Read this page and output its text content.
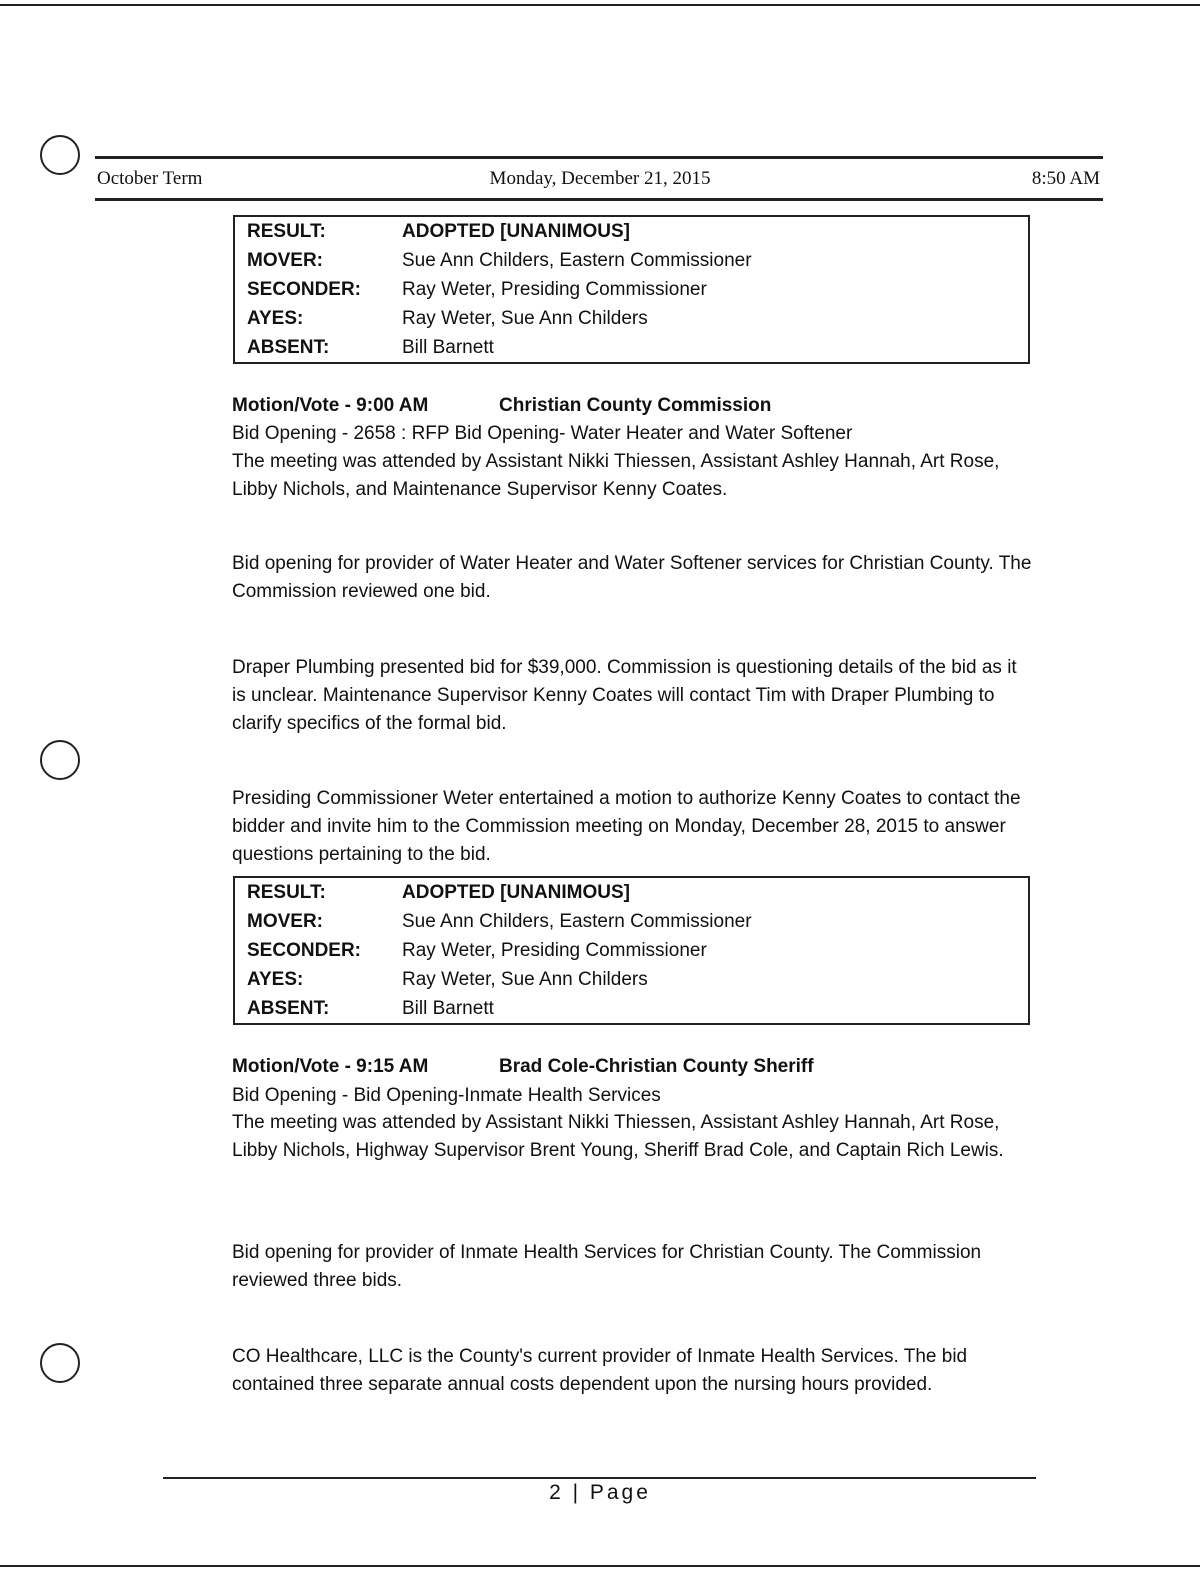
October Term	Monday, December 21, 2015	8:50 AM
RESULT:	ADOPTED [UNANIMOUS]
MOVER:	Sue Ann Childers, Eastern Commissioner
SECONDER:	Ray Weter, Presiding Commissioner
AYES:	Ray Weter, Sue Ann Childers
ABSENT:	Bill Barnett
Motion/Vote - 9:00 AM	Christian County Commission
Bid Opening - 2658 : RFP Bid Opening- Water Heater and Water Softener
The meeting was attended by Assistant Nikki Thiessen, Assistant Ashley Hannah, Art Rose, Libby Nichols, and Maintenance Supervisor Kenny Coates.
Bid opening for provider of Water Heater and Water Softener services for Christian County. The Commission reviewed one bid.
Draper Plumbing presented bid for $39,000. Commission is questioning details of the bid as it is unclear. Maintenance Supervisor Kenny Coates will contact Tim with Draper Plumbing to clarify specifics of the formal bid.
Presiding Commissioner Weter entertained a motion to authorize Kenny Coates to contact the bidder and invite him to the Commission meeting on Monday, December 28, 2015 to answer questions pertaining to the bid.
RESULT:	ADOPTED [UNANIMOUS]
MOVER:	Sue Ann Childers, Eastern Commissioner
SECONDER:	Ray Weter, Presiding Commissioner
AYES:	Ray Weter, Sue Ann Childers
ABSENT:	Bill Barnett
Motion/Vote - 9:15 AM	Brad Cole-Christian County Sheriff
Bid Opening - Bid Opening-Inmate Health Services
The meeting was attended by Assistant Nikki Thiessen, Assistant Ashley Hannah, Art Rose, Libby Nichols, Highway Supervisor Brent Young, Sheriff Brad Cole, and Captain Rich Lewis.
Bid opening for provider of Inmate Health Services for Christian County. The Commission reviewed three bids.
CO Healthcare, LLC is the County's current provider of Inmate Health Services. The bid contained three separate annual costs dependent upon the nursing hours provided.
2 | Page
